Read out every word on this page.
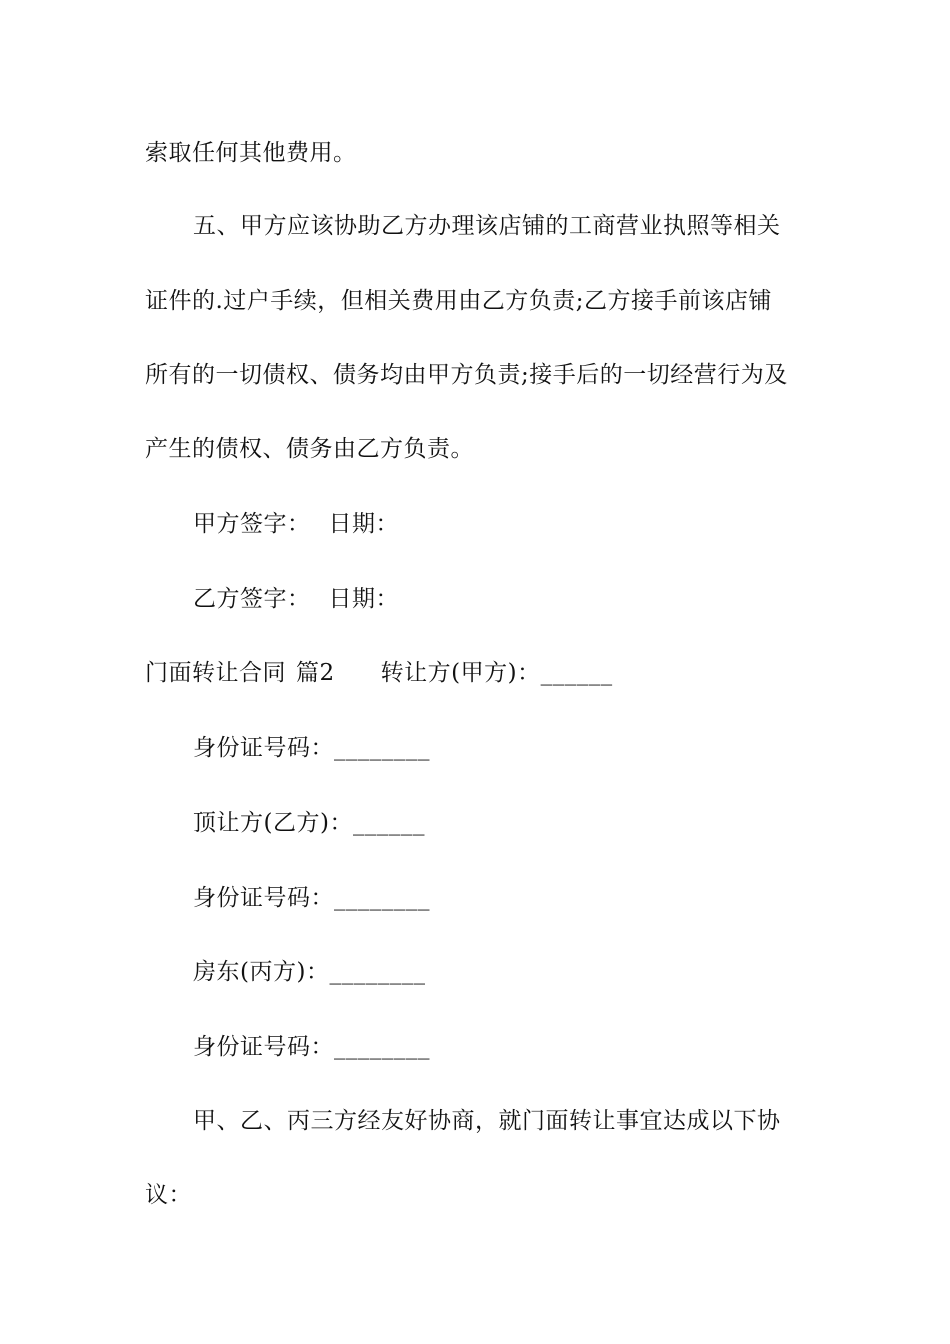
索取任何其他费用。
五、甲方应该协助乙方办理该店铺的工商营业执照等相关
证件的.过户手续，但相关费用由乙方负责;乙方接手前该店铺
所有的一切债权、债务均由甲方负责;接手后的一切经营行为及
产生的债权、债务由乙方负责。
甲方签字： 日期：
乙方签字： 日期：
门面转让合同 篇2 转让方(甲方)：______
身份证号码：________
顶让方(乙方)：______
身份证号码：________
房东(丙方)：________
身份证号码：________
甲、乙、丙三方经友好协商，就门面转让事宜达成以下协
议：
